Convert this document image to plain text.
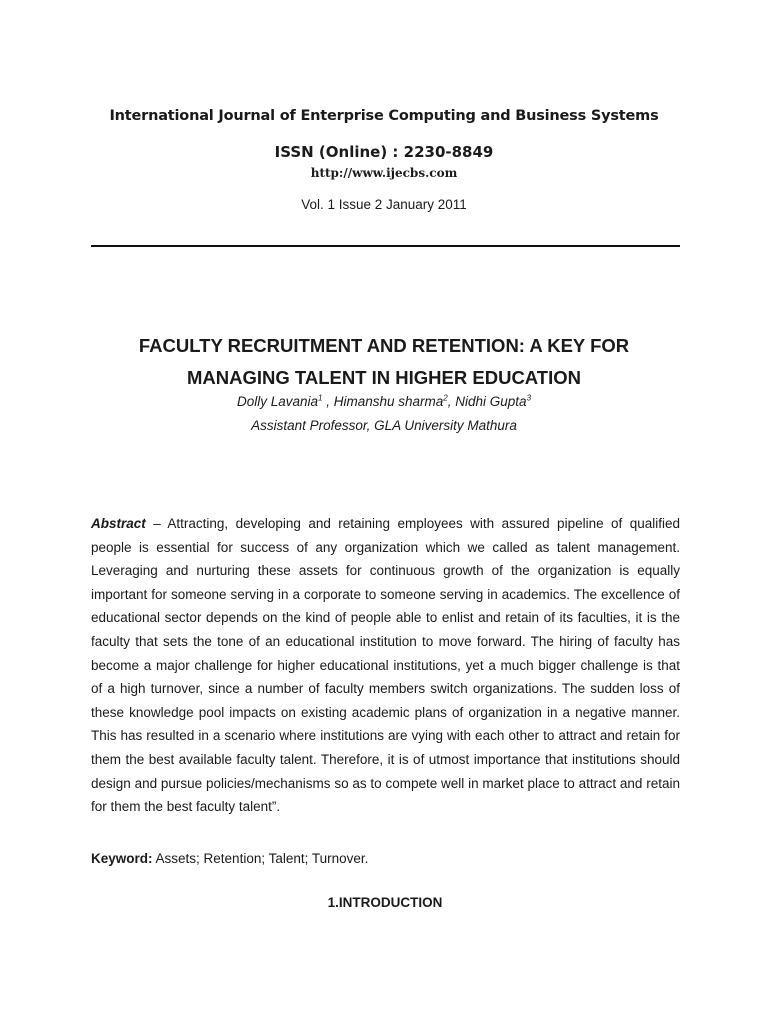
International Journal of Enterprise Computing and Business Systems
ISSN (Online) : 2230-8849
http://www.ijecbs.com
Vol. 1 Issue 2 January 2011
FACULTY RECRUITMENT AND RETENTION: A KEY FOR
MANAGING TALENT IN HIGHER EDUCATION
Dolly Lavania$^1$ , Himanshu sharma$^2$, Nidhi Gupta$^3$
Assistant Professor, GLA University Mathura
Abstract – Attracting, developing and retaining employees with assured pipeline of qualified people is essential for success of any organization which we called as talent management. Leveraging and nurturing these assets for continuous growth of the organization is equally important for someone serving in a corporate to someone serving in academics. The excellence of educational sector depends on the kind of people able to enlist and retain of its faculties, it is the faculty that sets the tone of an educational institution to move forward. The hiring of faculty has become a major challenge for higher educational institutions, yet a much bigger challenge is that of a high turnover, since a number of faculty members switch organizations. The sudden loss of these knowledge pool impacts on existing academic plans of organization in a negative manner. This has resulted in a scenario where institutions are vying with each other to attract and retain for them the best available faculty talent. Therefore, it is of utmost importance that institutions should design and pursue policies/mechanisms so as to compete well in market place to attract and retain for them the best faculty talent”.
Keyword: Assets; Retention; Talent; Turnover.
1.INTRODUCTION
